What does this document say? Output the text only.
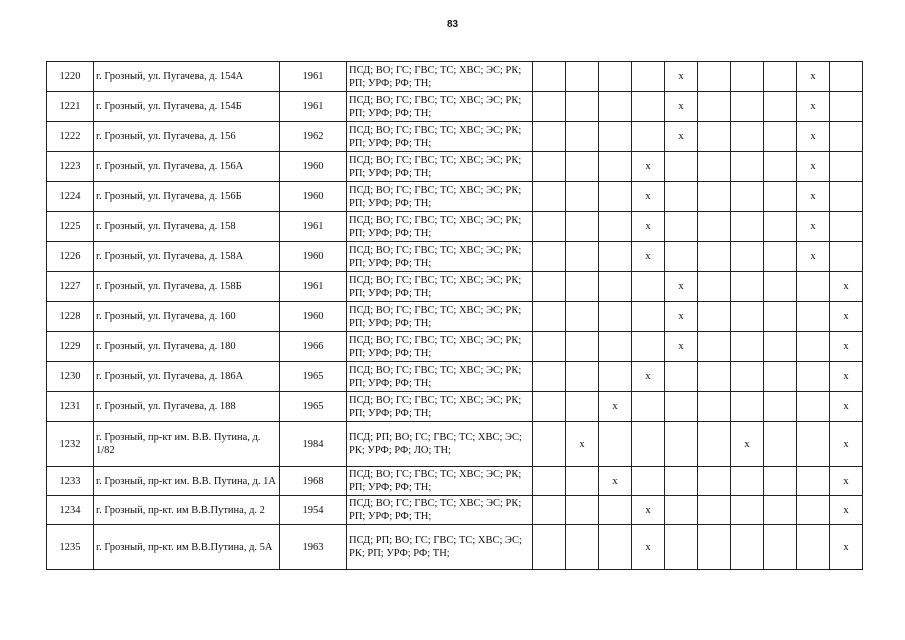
83
1220	г. Грозный, ул. Пугачева, д. 154А	1961	ПСД; ВО; ГС; ГВС; ТС; ХВС; ЭС; РК; РП; УРФ; РФ; ТН;					x				x	
1221	г. Грозный, ул. Пугачева, д. 154Б	1961	ПСД; ВО; ГС; ГВС; ТС; ХВС; ЭС; РК; РП; УРФ; РФ; ТН;					x				x	
1222	г. Грозный, ул. Пугачева, д. 156	1962	ПСД; ВО; ГС; ГВС; ТС; ХВС; ЭС; РК; РП; УРФ; РФ; ТН;					x				x	
1223	г. Грозный, ул. Пугачева, д. 156А	1960	ПСД; ВО; ГС; ГВС; ТС; ХВС; ЭС; РК; РП; УРФ; РФ; ТН;				x					x	
1224	г. Грозный, ул. Пугачева, д. 156Б	1960	ПСД; ВО; ГС; ГВС; ТС; ХВС; ЭС; РК; РП; УРФ; РФ; ТН;				x					x	
1225	г. Грозный, ул. Пугачева, д. 158	1961	ПСД; ВО; ГС; ГВС; ТС; ХВС; ЭС; РК; РП; УРФ; РФ; ТН;				x					x	
1226	г. Грозный, ул. Пугачева, д. 158А	1960	ПСД; ВО; ГС; ГВС; ТС; ХВС; ЭС; РК; РП; УРФ; РФ; ТН;				x					x	
1227	г. Грозный, ул. Пугачева, д. 158Б	1961	ПСД; ВО; ГС; ГВС; ТС; ХВС; ЭС; РК; РП; УРФ; РФ; ТН;					x					x
1228	г. Грозный, ул. Пугачева, д. 160	1960	ПСД; ВО; ГС; ГВС; ТС; ХВС; ЭС; РК; РП; УРФ; РФ; ТН;					x					x
1229	г. Грозный, ул. Пугачева, д. 180	1966	ПСД; ВО; ГС; ГВС; ТС; ХВС; ЭС; РК; РП; УРФ; РФ; ТН;					x					x
1230	г. Грозный, ул. Пугачева, д. 186А	1965	ПСД; ВО; ГС; ГВС; ТС; ХВС; ЭС; РК; РП; УРФ; РФ; ТН;				x						x
1231	г. Грозный, ул. Пугачева, д. 188	1965	ПСД; ВО; ГС; ГВС; ТС; ХВС; ЭС; РК; РП; УРФ; РФ; ТН;			x							x
1232	г. Грозный, пр-кт им. В.В. Путина, д. 1/82	1984	ПСД; РП; ВО; ГС; ГВС; ТС; ХВС; ЭС; РК; УРФ; РФ; ЛО; ТН;		x					x			x
1233	г. Грозный, пр-кт им. В.В. Путина, д. 1А	1968	ПСД; ВО; ГС; ГВС; ТС; ХВС; ЭС; РК; РП; УРФ; РФ; ТН;			x							x
1234	г. Грозный, пр-кт. им В.В.Путина, д. 2	1954	ПСД; ВО; ГС; ГВС; ТС; ХВС; ЭС; РК; РП; УРФ; РФ; ТН;				x						x
1235	г. Грозный, пр-кт. им В.В.Путина, д. 5А	1963	ПСД; РП; ВО; ГС; ГВС; ТС; ХВС; ЭС; РК; РП; УРФ; РФ; ТН;				x						x
